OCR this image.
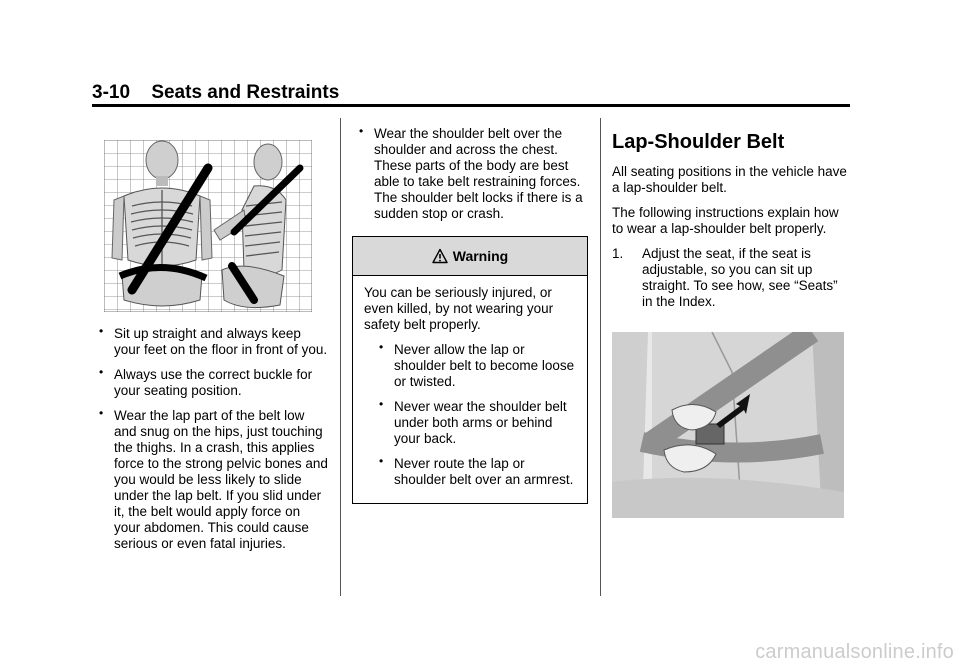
3-10 Seats and Restraints
• Sit up straight and always keep your feet on the floor in front of you.
• Always use the correct buckle for your seating position.
• Wear the lap part of the belt low and snug on the hips, just touching the thighs. In a crash, this applies force to the strong pelvic bones and you would be less likely to slide under the lap belt. If you slid under it, the belt would apply force on your abdomen. This could cause serious or even fatal injuries.
• Wear the shoulder belt over the shoulder and across the chest. These parts of the body are best able to take belt restraining forces. The shoulder belt locks if there is a sudden stop or crash.
Warning

You can be seriously injured, or even killed, by not wearing your safety belt properly.

• Never allow the lap or shoulder belt to become loose or twisted.
• Never wear the shoulder belt under both arms or behind your back.
• Never route the lap or shoulder belt over an armrest.
Lap-Shoulder Belt

All seating positions in the vehicle have a lap-shoulder belt.

The following instructions explain how to wear a lap-shoulder belt properly.

1. Adjust the seat, if the seat is adjustable, so you can sit up straight. To see how, see “Seats” in the Index.
carmanualsonline.info
